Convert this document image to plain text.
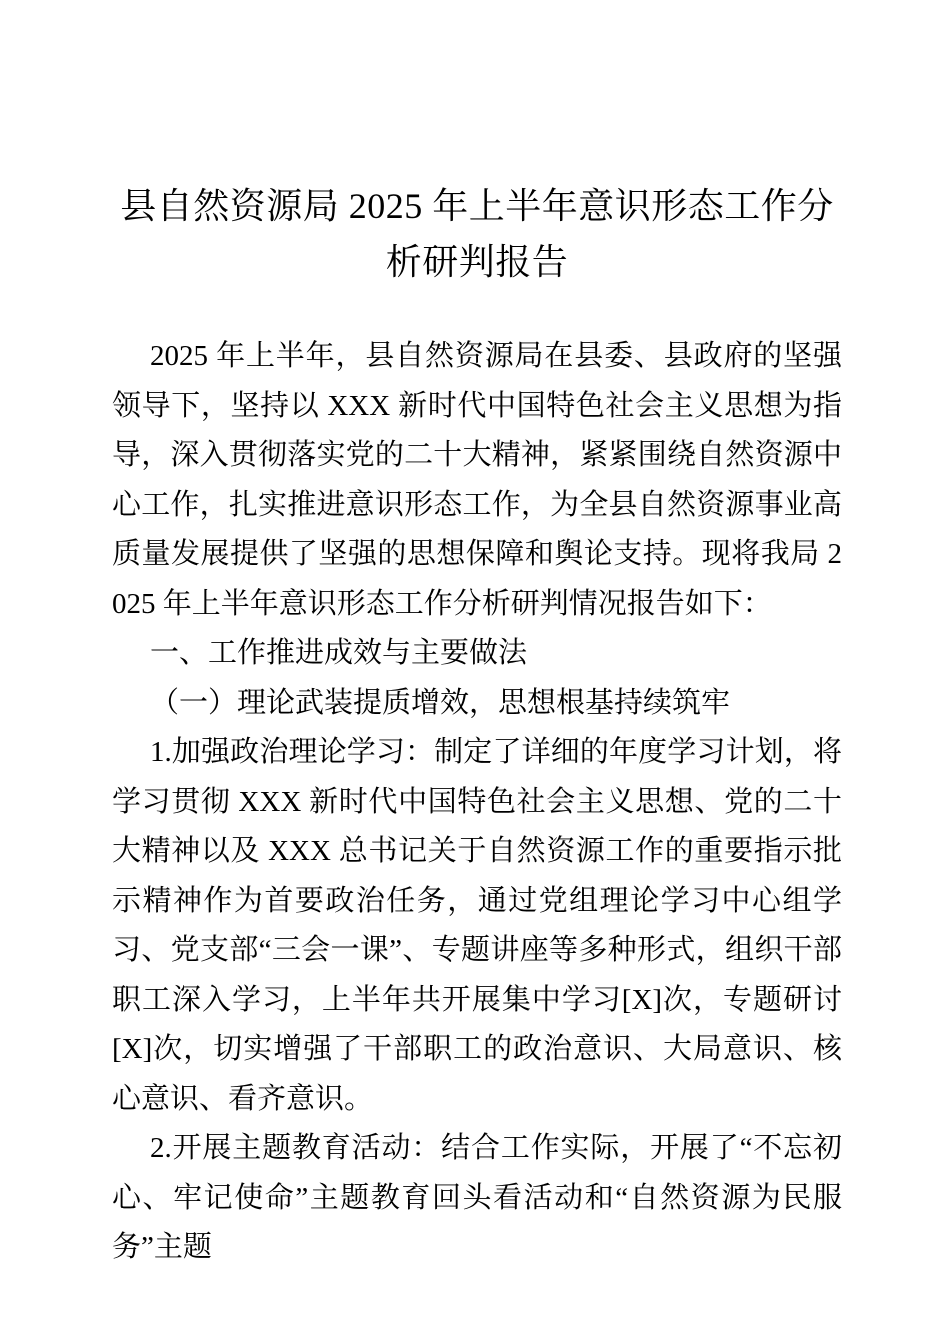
县自然资源局 2025 年上半年意识形态工作分
析研判报告

2025 年上半年，县自然资源局在县委、县政府的坚强领导下，坚持以 XXX 新时代中国特色社会主义思想为指导，深入贯彻落实党的二十大精神，紧紧围绕自然资源中心工作，扎实推进意识形态工作，为全县自然资源事业高质量发展提供了坚强的思想保障和舆论支持。现将我局 2025 年上半年意识形态工作分析研判情况报告如下：

一、工作推进成效与主要做法

（一）理论武装提质增效，思想根基持续筑牢

1.加强政治理论学习：制定了详细的年度学习计划，将学习贯彻 XXX 新时代中国特色社会主义思想、党的二十大精神以及 XXX 总书记关于自然资源工作的重要指示批示精神作为首要政治任务，通过党组理论学习中心组学习、党支部“三会一课”、专题讲座等多种形式，组织干部职工深入学习，上半年共开展集中学习[X]次，专题研讨[X]次，切实增强了干部职工的政治意识、大局意识、核心意识、看齐意识。

2.开展主题教育活动：结合工作实际，开展了“不忘初心、牢记使命”主题教育回头看活动和“自然资源为民服务”主题
